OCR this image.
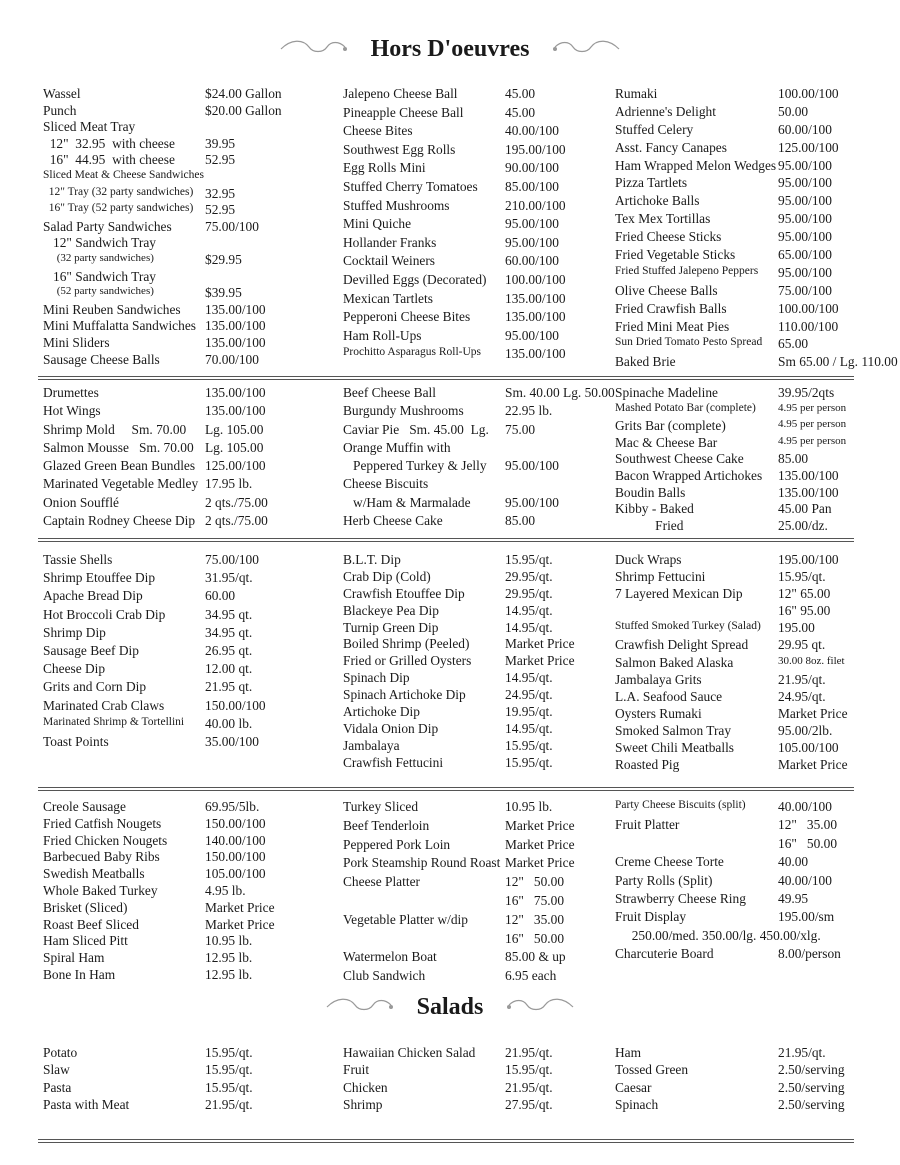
Hors D'oeuvres
Salads
Wassel	$24.00 Gallon
Punch	$20.00 Gallon
Sliced Meat Tray
12"  32.95  with cheese 39.95
16"  44.95  with cheese 52.95
Sliced Meat & Cheese Sandwiches
12" Tray (32 party sandwiches) 32.95
16" Tray (52 party sandwiches) 52.95
Salad Party Sandwiches 75.00/100
12" Sandwich Tray
(32 party sandwiches)	$29.95
16" Sandwich Tray
(52 party sandwiches)	$39.95
Mini Reuben Sandwiches 135.00/100
Mini Muffalatta Sandwiches 135.00/100
Mini Sliders	135.00/100
Sausage Cheese Balls	70.00/100
Jalepeno Cheese Ball	45.00
Pineapple Cheese Ball	45.00
Cheese Bites	40.00/100
Southwest Egg Rolls	195.00/100
Egg Rolls Mini	90.00/100
Stuffed Cherry Tomatoes 85.00/100
Stuffed Mushrooms	210.00/100
Mini Quiche	95.00/100
Hollander Franks	95.00/100
Cocktail Weiners	60.00/100
Devilled Eggs (Decorated) 100.00/100
Mexican Tartlets	135.00/100
Pepperoni Cheese Bites	135.00/100
Ham Roll-Ups	95.00/100
Prochitto Asparagus Roll-Ups 135.00/100
Rumaki	100.00/100
Adrienne's Delight	50.00
Stuffed Celery	60.00/100
Asst. Fancy Canapes	125.00/100
Ham Wrapped Melon Wedges 95.00/100
Pizza Tartlets	95.00/100
Artichoke Balls	95.00/100
Tex Mex Tortillas	95.00/100
Fried Cheese Sticks	95.00/100
Fried Vegetable Sticks	65.00/100
Fried Stuffed Jalepeno Peppers 95.00/100
Olive Cheese Balls	75.00/100
Fried Crawfish Balls	100.00/100
Fried Mini Meat Pies	110.00/100
Sun Dried Tomato Pesto Spread 65.00
Baked Brie	Sm 65.00 / Lg. 110.00
Drumettes	135.00/100
Hot Wings	135.00/100
Shrimp Mold     Sm. 70.00 Lg. 105.00
Salmon Mousse   Sm. 70.00 Lg. 105.00
Glazed Green Bean Bundles 125.00/100
Marinated Vegetable Medley 17.95 lb.
Onion Soufflé	2 qts./75.00
Captain Rodney Cheese Dip 2 qts./75.00
Beef Cheese Ball	Sm. 40.00 Lg. 50.00
Burgundy Mushrooms	22.95 lb.
Caviar Pie   Sm. 45.00  Lg. 75.00
Orange Muffin with
Peppered Turkey & Jelly 95.00/100
Cheese Biscuits
w/Ham & Marmalade	95.00/100
Herb Cheese Cake	85.00
Spinache Madeline	39.95/2qts
Mashed Potato Bar (complete) 4.95 per person
Grits Bar (complete)	4.95 per person
Mac & Cheese Bar	4.95 per person
Southwest Cheese Cake	85.00
Bacon Wrapped Artichokes 135.00/100
Boudin Balls	135.00/100
Kibby - Baked	45.00 Pan
Fried	25.00/dz.
Tassie Shells	75.00/100
Shrimp Etouffee Dip	31.95/qt.
Apache Bread Dip	60.00
Hot Broccoli Crab Dip	34.95 qt.
Shrimp Dip	34.95 qt.
Sausage Beef Dip	26.95 qt.
Cheese Dip	12.00 qt.
Grits and Corn Dip	21.95 qt.
Marinated Crab Claws	150.00/100
Marinated Shrimp & Tortellini 40.00 lb.
Toast Points	35.00/100
B.L.T. Dip	15.95/qt.
Crab Dip (Cold)	29.95/qt.
Crawfish Etouffee Dip	29.95/qt.
Blackeye Pea Dip	14.95/qt.
Turnip Green Dip	14.95/qt.
Boiled Shrimp (Peeled)	Market Price
Fried or Grilled Oysters	Market Price
Spinach Dip	14.95/qt.
Spinach Artichoke Dip	24.95/qt.
Artichoke Dip	19.95/qt.
Vidala Onion Dip	14.95/qt.
Jambalaya	15.95/qt.
Crawfish Fettucini	15.95/qt.
Duck Wraps	195.00/100
Shrimp Fettucini	15.95/qt.
7 Layered Mexican Dip	12" 65.00
16" 95.00
Stuffed Smoked Turkey (Salad) 195.00
Crawfish Delight Spread 29.95 qt.
Salmon Baked Alaska	30.00 8oz. filet
Jambalaya Grits	21.95/qt.
L.A. Seafood Sauce	24.95/qt.
Oysters Rumaki	Market Price
Smoked Salmon Tray	95.00/2lb.
Sweet Chili Meatballs	105.00/100
Roasted Pig	Market Price
Creole Sausage	69.95/5lb.
Fried Catfish Nougets	150.00/100
Fried Chicken Nougets	140.00/100
Barbecued Baby Ribs	150.00/100
Swedish Meatballs	105.00/100
Whole Baked Turkey	4.95 lb.
Brisket (Sliced)	Market Price
Roast Beef Sliced	Market Price
Ham Sliced Pitt	10.95 lb.
Spiral Ham	12.95 lb.
Bone In Ham	12.95 lb.
Turkey Sliced	10.95 lb.
Beef Tenderloin	Market Price
Peppered Pork Loin	Market Price
Pork Steamship Round Roast Market Price
Cheese Platter	12"   50.00
16"   75.00
Vegetable Platter w/dip	12"   35.00
16"   50.00
Watermelon Boat	85.00 & up
Club Sandwich	6.95 each
Party Cheese Biscuits (split) 40.00/100
Fruit Platter	12"   35.00
16"   50.00
Creme Cheese Torte	40.00
Party Rolls (Split)	40.00/100
Strawberry Cheese Ring 49.95
Fruit Display	195.00/sm
250.00/med. 350.00/lg. 450.00/xlg.
Charcuterie Board	8.00/person
Potato	15.95/qt.
Slaw	15.95/qt.
Pasta	15.95/qt.
Pasta with Meat	21.95/qt.
Hawaiian Chicken Salad 21.95/qt.
Fruit	15.95/qt.
Chicken	21.95/qt.
Shrimp	27.95/qt.
Ham	21.95/qt.
Tossed Green	2.50/serving
Caesar	2.50/serving
Spinach	2.50/serving
